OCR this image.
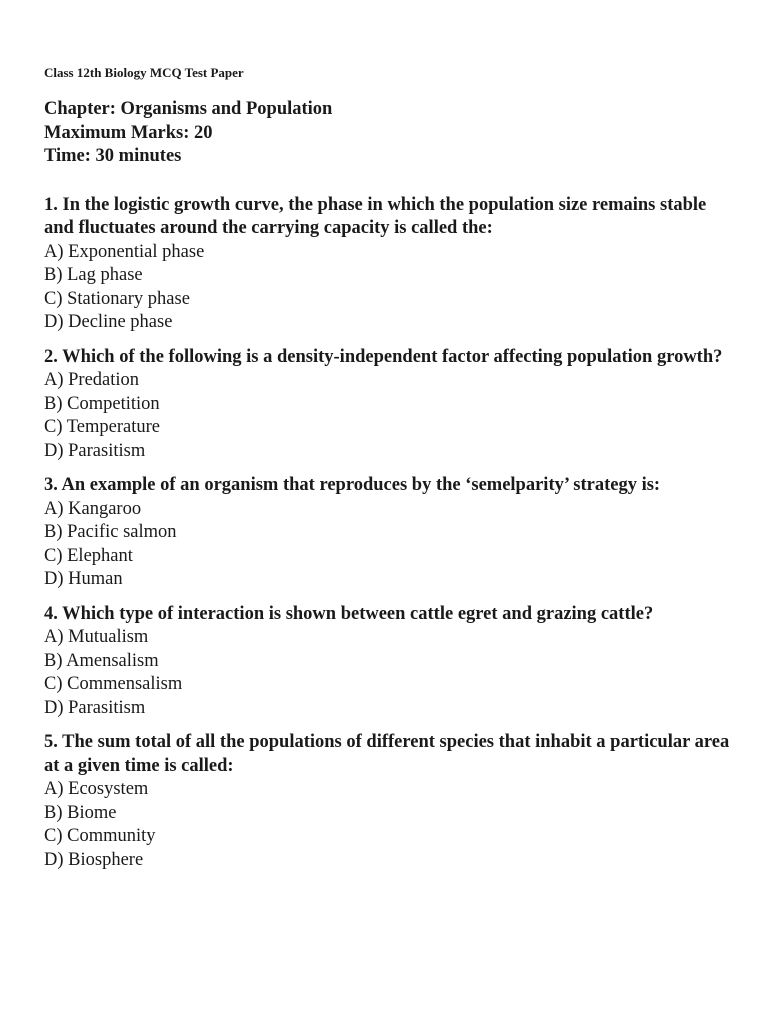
Class 12th Biology MCQ Test Paper
Chapter: Organisms and Population
Maximum Marks: 20
Time: 30 minutes

1. In the logistic growth curve, the phase in which the population size remains stable and fluctuates around the carrying capacity is called the:

A) Exponential phase
B) Lag phase
C) Stationary phase
D) Decline phase

2. Which of the following is a density-independent factor affecting population growth?

A) Predation
B) Competition
C) Temperature
D) Parasitism

3. An example of an organism that reproduces by the ‘semelparity’ strategy is:

A) Kangaroo
B) Pacific salmon
C) Elephant
D) Human

4. Which type of interaction is shown between cattle egret and grazing cattle?

A) Mutualism
B) Amensalism
C) Commensalism
D) Parasitism

5. The sum total of all the populations of different species that inhabit a particular area at a given time is called:

A) Ecosystem
B) Biome
C) Community
D) Biosphere
